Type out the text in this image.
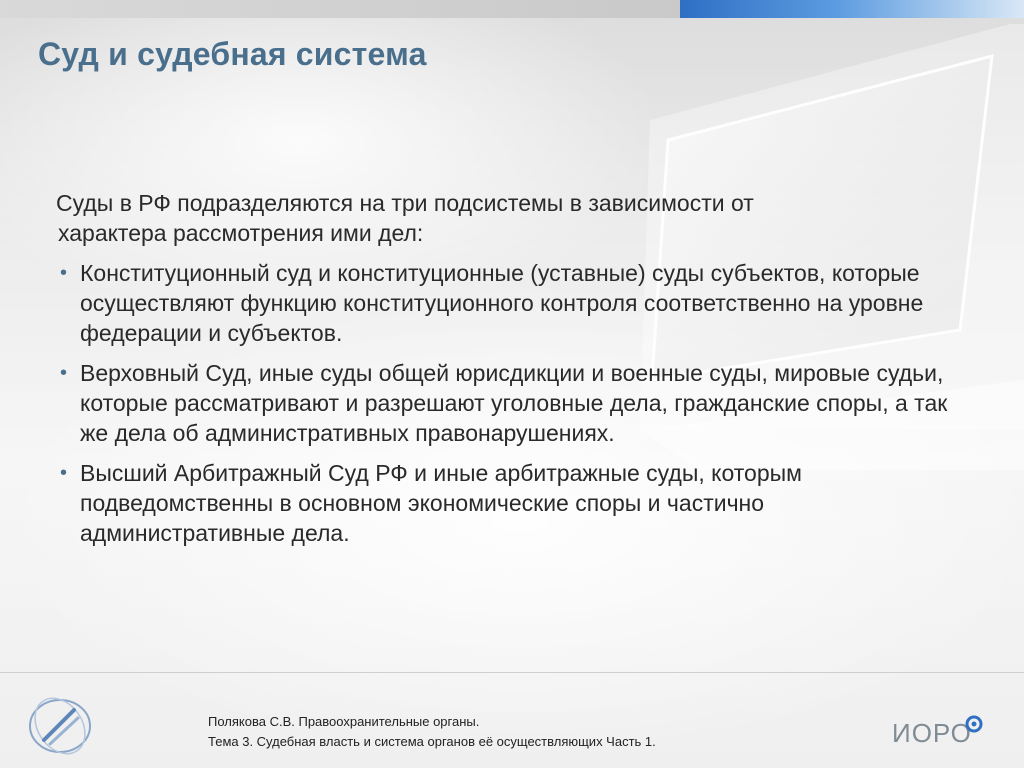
Суд и судебная система

Суды в РФ подразделяются на три подсистемы в зависимости от
характера рассмотрения ими дел:

• Конституционный суд и конституционные (уставные) суды субъектов, которые осуществляют функцию конституционного контроля соответственно на уровне федерации и субъектов.
• Верховный Суд, иные суды общей юрисдикции и военные суды, мировые судьи, которые рассматривают и разрешают уголовные дела, гражданские споры, а так же дела об административных правонарушениях.
• Высший Арбитражный Суд РФ и иные арбитражные суды, которым подведомственны в основном экономические споры и частично административные дела.
Полякова С.В. Правоохранительные органы.
Тема 3. Судебная власть и система органов её осуществляющих Часть 1.	ИОРО
